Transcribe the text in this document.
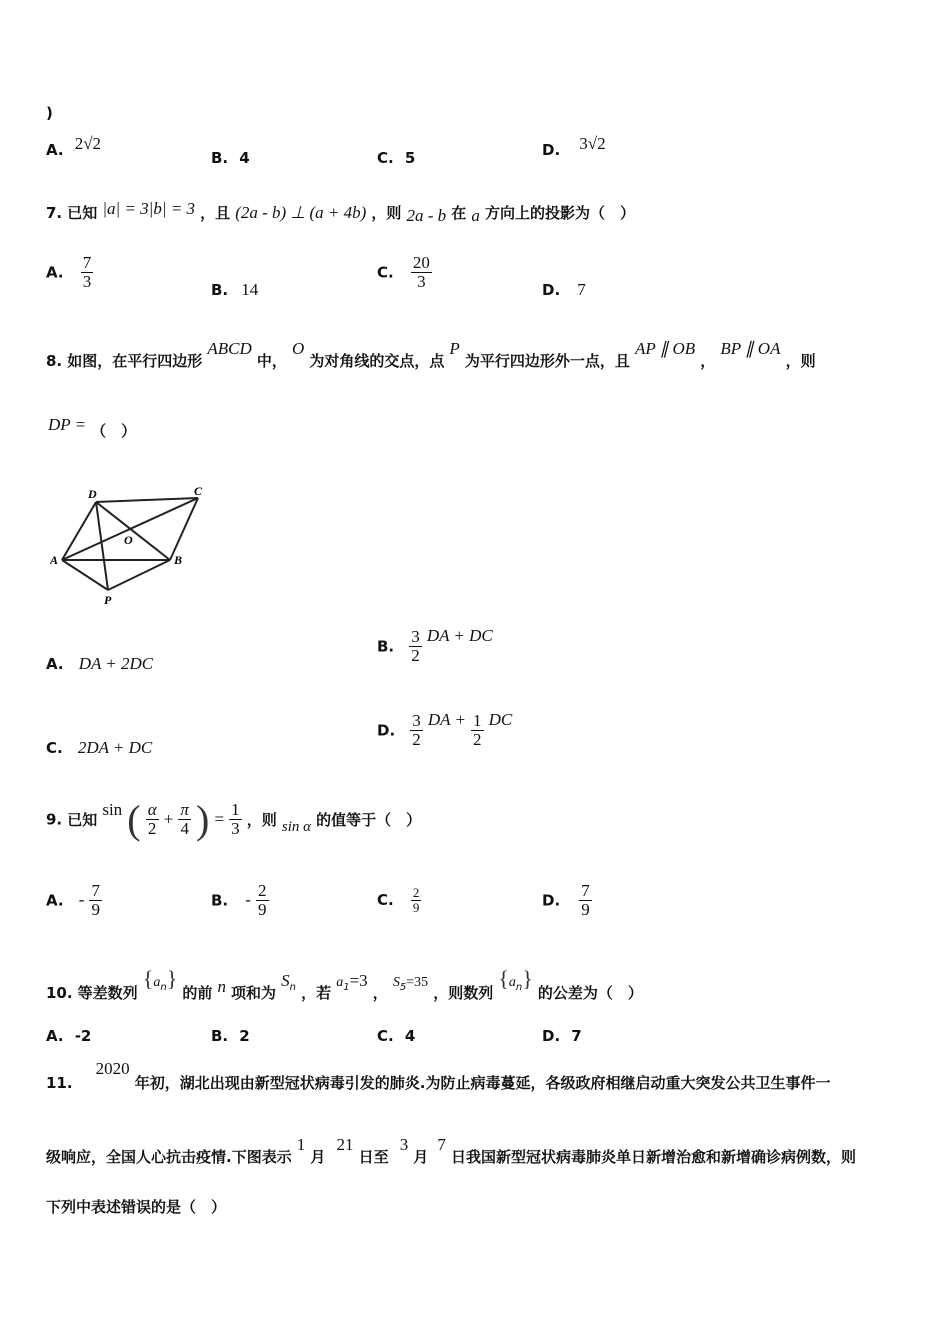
)
A. 2√2
B. 4	C. 5	D. 3√2
7. 已知 |a| = 3|b| = 3 ，且 (2a - b) ⊥ (a + 4b) ，则 2a - b 在 a 方向上的投影为（　）
A. $\frac{7}{3}$	B. 14
C. $\frac{20}{3}$	D. 7
8. 如图，在平行四边形 ABCD 中， O 为对角线的交点，点 P 为平行四边形外一点，且 AP ∥ OB ， BP ∥ OA ，则
DP = （　）
A	B
C
D
O
P
A. DA + 2DC
B. $\frac{3}{2}$ DA + DC
C. 2DA + DC
D. $\frac{3}{2}$ DA + $\frac{1}{2}$ DC
9. 已知 sin ( $\frac{\alpha}{2} + \frac{\pi}{4}$ ) = $\frac{1}{3}$ ，则 sin α 的值等于（　）
A. - $\frac{7}{9}$	B. - $\frac{2}{9}$	C. $\frac{2}{9}$	D. $\frac{7}{9}$
10. 等差数列 $\{a_n\}$ 的前 n 项和为 $S_n$ ，若 $a_1=3$ ， $S_5=35$ ，则数列 $\{a_n\}$ 的公差为（　）
A. -2	B. 2	C. 4	D. 7
11. 2020 年初，湖北出现由新型冠状病毒引发的肺炎.为防止病毒蔓延，各级政府相继启动重大突发公共卫生事件一
级响应，全国人心抗击疫情.下图表示 1 月 21 日至 3 月 7 日我国新型冠状病毒肺炎单日新增治愈和新增确诊病例数，则
下列中表述错误的是（　）
